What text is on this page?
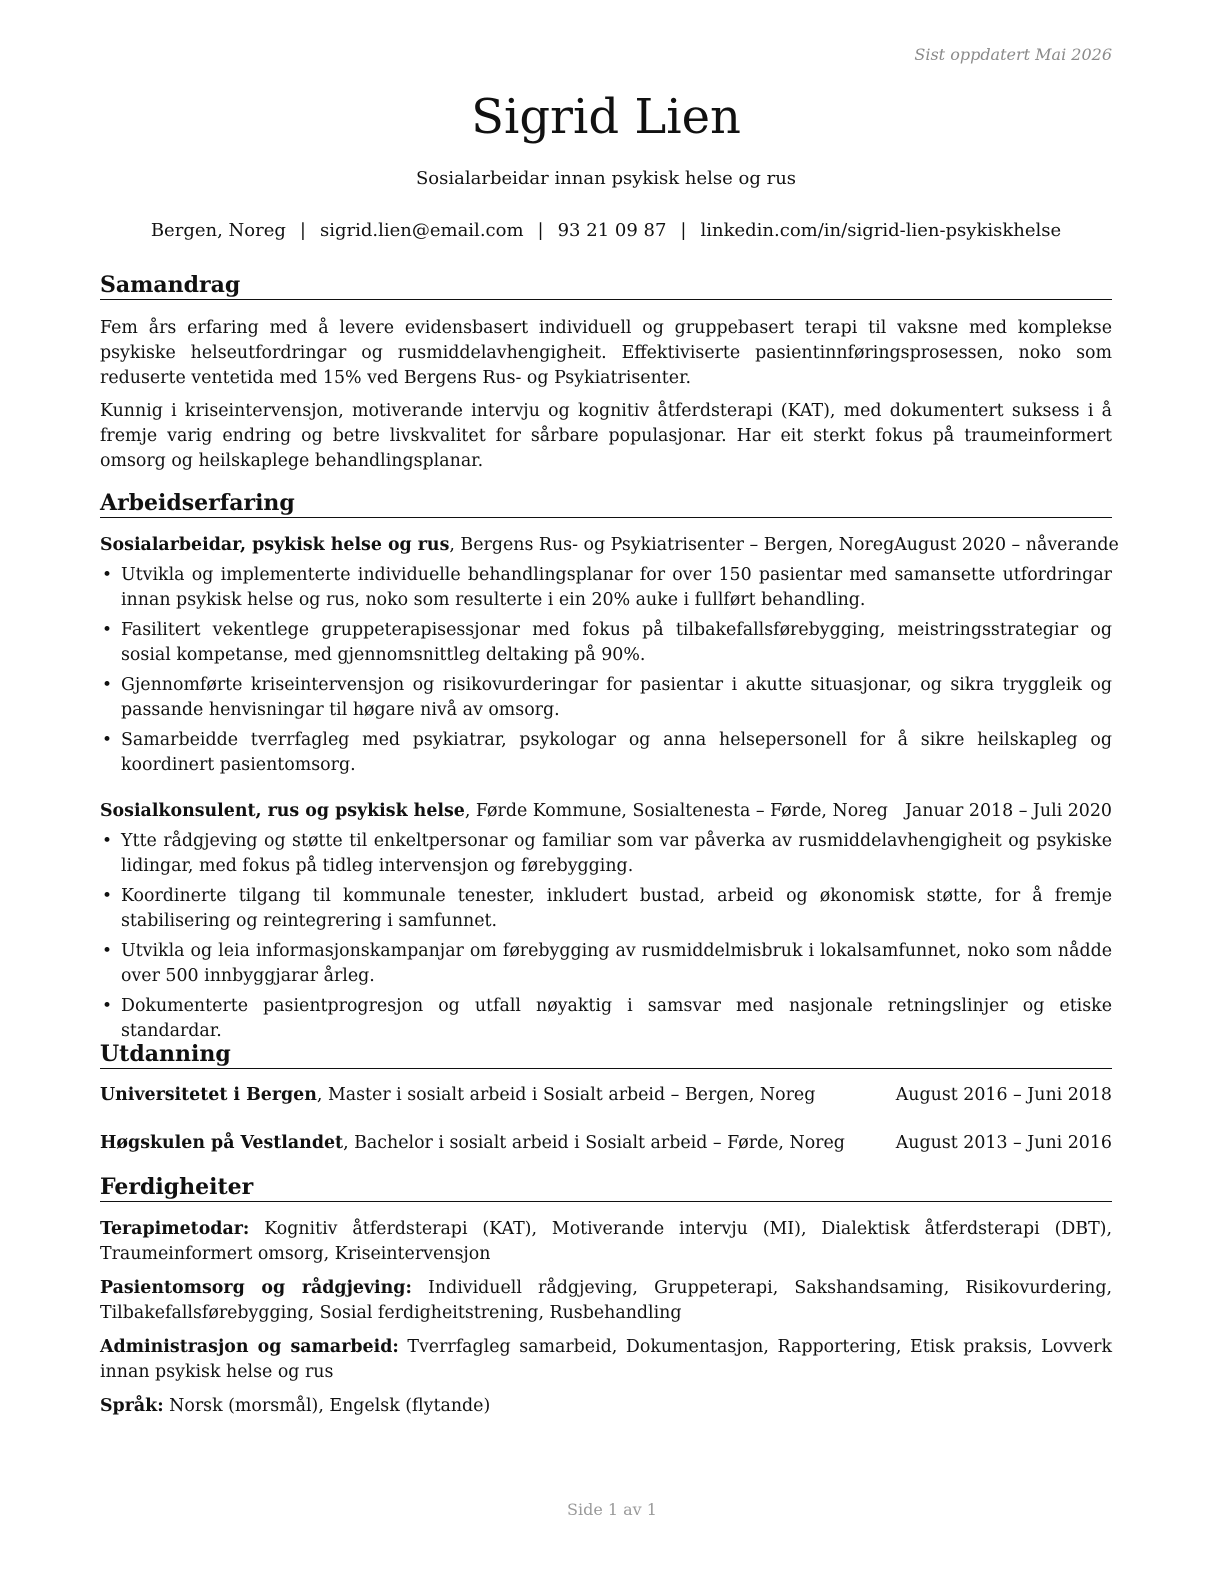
Sist oppdatert Mai 2026
Sigrid Lien
Sosialarbeidar innan psykisk helse og rus
Bergen, Noreg | sigrid.lien@email.com | 93 21 09 87 | linkedin.com/in/sigrid-lien-psykiskhelse
Samandrag

Fem års erfaring med å levere evidensbasert individuell og gruppebasert terapi til vaksne med komplekse psykiske helseutfordringar og rusmiddelavhengigheit. Effektiviserte pasientinnføringsprosessen, noko som reduserte ventetida med 15% ved Bergens Rus- og Psykiatrisenter.

Kunnig i kriseintervensjon, motiverande intervju og kognitiv åtferdsterapi (KAT), med dokumentert suksess i å fremje varig endring og betre livskvalitet for sårbare populasjonar. Har eit sterkt fokus på traumeinformert omsorg og heilskaplege behandlingsplanar.

Arbeidserfaring
Sosialarbeidar, psykisk helse og rus, Bergens Rus- og Psykiatrisenter – Bergen, Noreg August 2020 – nåverande
• Utvikla og implementerte individuelle behandlingsplanar for over 150 pasientar med samansette utfordringar innan psykisk helse og rus, noko som resulterte i ein 20% auke i fullført behandling.
• Fasilitert vekentlege gruppeterapisessjonar med fokus på tilbakefallsførebygging, meistringsstrategiar og sosial kompetanse, med gjennomsnittleg deltaking på 90%.
• Gjennomførte kriseintervensjon og risikovurderingar for pasientar i akutte situasjonar, og sikra tryggleik og passande henvisningar til høgare nivå av omsorg.
• Samarbeidde tverrfagleg med psykiatrar, psykologar og anna helsepersonell for å sikre heilskapleg og koordinert pasientomsorg.
Sosialkonsulent, rus og psykisk helse, Førde Kommune, Sosialtenesta – Førde, Noreg Januar 2018 – Juli 2020
• Ytte rådgjeving og støtte til enkeltpersonar og familiar som var påverka av rusmiddelavhengigheit og psykiske lidingar, med fokus på tidleg intervensjon og førebygging.
• Koordinerte tilgang til kommunale tenester, inkludert bustad, arbeid og økonomisk støtte, for å fremje stabilisering og reintegrering i samfunnet.
• Utvikla og leia informasjonskampanjar om førebygging av rusmiddelmisbruk i lokalsamfunnet, noko som nådde over 500 innbyggjarar årleg.
• Dokumenterte pasientprogresjon og utfall nøyaktig i samsvar med nasjonale retningslinjer og etiske standardar.
Utdanning
Universitetet i Bergen, Master i sosialt arbeid i Sosialt arbeid – Bergen, Noreg	August 2016 – Juni 2018
Høgskulen på Vestlandet, Bachelor i sosialt arbeid i Sosialt arbeid – Førde, Noreg	August 2013 – Juni 2016
Ferdigheiter

Terapimetodar: Kognitiv åtferdsterapi (KAT), Motiverande intervju (MI), Dialektisk åtferdsterapi (DBT), Traumeinformert omsorg, Kriseintervensjon

Pasientomsorg og rådgjeving: Individuell rådgjeving, Gruppeterapi, Sakshandsaming, Risikovurdering, Tilbakefallsførebygging, Sosial ferdigheitstrening, Rusbehandling

Administrasjon og samarbeid: Tverrfagleg samarbeid, Dokumentasjon, Rapportering, Etisk praksis, Lovverk innan psykisk helse og rus

Språk: Norsk (morsmål), Engelsk (flytande)

Side 1 av 1
